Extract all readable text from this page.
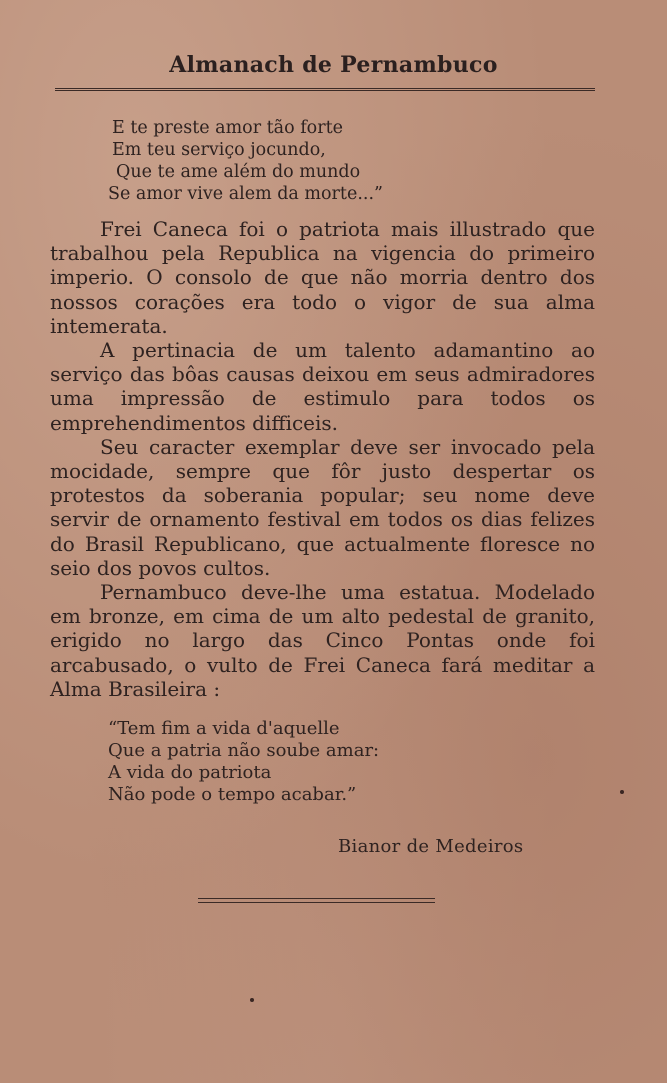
Almanach de Pernambuco
E te preste amor tão forte
Em teu serviço jocundo,
Que te ame além do mundo
Se amor vive alem da morte...”

Frei Caneca foi o patriota mais illustrado que trabalhou pela Republica na vigencia do primeiro imperio. O consolo de que não morria dentro dos nossos corações era todo o vigor de sua alma intemerata.

A pertinacia de um talento adamantino ao serviço das bôas causas deixou em seus admiradores uma impressão de estimulo para todos os emprehendimentos difficeis.

Seu caracter exemplar deve ser invocado pela mocidade, sempre que fôr justo despertar os protestos da soberania popular; seu nome deve servir de ornamento festival em todos os dias felizes do Brasil Republicano, que actualmente floresce no seio dos povos cultos.

Pernambuco deve-lhe uma estatua. Modelado em bronze, em cima de um alto pedestal de granito, erigido no largo das Cinco Pontas onde foi arcabusado, o vulto de Frei Caneca fará meditar a Alma Brasileira :

“Tem fim a vida d'aquelle
Que a patria não soube amar:
A vida do patriota
Não pode o tempo acabar.”
Bianor de Medeiros
